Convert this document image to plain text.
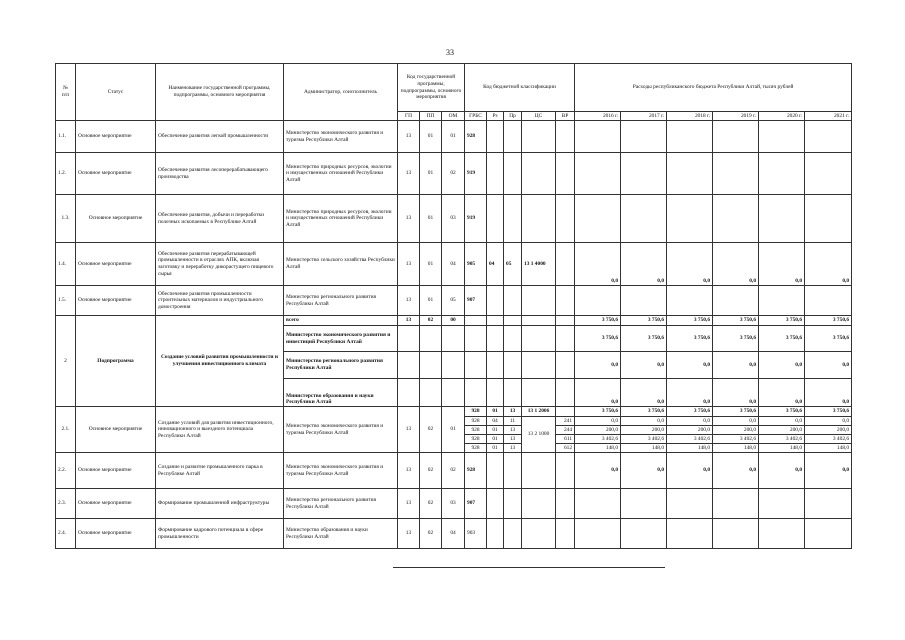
33
№
п/п	Статус	Наименование государственной программы, подпрограммы, основного мероприятия	Администратор, соисполнитель	Код государственной программы, подпрограммы, основного мероприятия			Код бюджетной классификации					Расходы республиканского бюджета Республики Алтай, тысяч рублей					
				ГП	ПП	ОМ	ГРБС	Рз	Пр	ЦС	ВР	2016 г.	2017 г.	2018 г.	2019 г.	2020 г.	2021 г.
1.1.	Основное мероприятие	Обеспечение развития легкой промышленности	Министерство экономического развития и туризма Республики Алтай	13	01	01	928										
1.2.	Основное мероприятие	Обеспечение развития лесоперерабатывающего производства	Министерство природных ресурсов, экологии и имущественных отношений Республики Алтай	13	01	02	919										
1.3.	Основное мероприятие	Обеспечение развития, добычи и переработки полезных ископаемых в Республике Алтай	Министерство природных ресурсов, экологии и имущественных отношений Республики Алтай	13	01	03	919										
1.4.	Основное мероприятие	Обеспечение развития перерабатывающей промышленности в отраслях АПК, включая заготовку и переработку дикорастущего пищевого сырья	Министерство сельского хозяйства Республики Алтай	13	01	04	905	04	05	13 1 4000		0,0	0,0	0,0	0,0	0,0	0,0
1.5.	Основное мероприятие	Обеспечение развития промышленности строительных материалов и индустриального домостроения	Министерство регионального развития Республики Алтай	13	01	05	907										
2	Подпрограмма	Создание условий развития промышленности и улучшения инвестиционного климата	всего	13	02	00						3 750,6	3 750,6	3 750,6	3 750,6	3 750,6	3 750,6
			Министерство экономического развития и инвестиций Республики Алтай									3 750,6	3 750,6	3 750,6	3 750,6	3 750,6	3 750,6
			Министерство регионального развития Республики Алтай									0,0	0,0	0,0	0,0	0,0	0,0
			Министерство образования и науки Республики Алтай									0,0	0,0	0,0	0,0	0,0	0,0
2.1.	Основное мероприятие	Создание условий для развития инвестиционного, инновационного и выездного потенциала Республики Алтай	Министерство экономического развития и туризма Республики Алтай	13	02	01	928	01	13	13 1 2006		3 750,6	3 750,6	3 750,6	3 750,6	3 750,6	3 750,6
							928	04	11	13 2 1000	241	0,0	0,0	0,0	0,0	0,0	0,0
							928	01	13		244	200,0	200,0	200,0	200,0	200,0	200,0
							928	01	13		611	3 402,6	3 402,6	3 402,6	3 402,6	3 402,6	3 402,6
							928	01	13		612	148,0	148,0	148,0	148,0	148,0	148,0
2.2.	Основное мероприятие	Создание и развитие промышленного парка в Республике Алтай	Министерство экономического развития и туризма Республики Алтай	13	02	02	928					0,0	0,0	0,0	0,0	0,0	0,0
2.3.	Основное мероприятие	Формирование промышленной инфраструктуры	Министерство регионального развития Республики Алтай	13	02	03	907										
2.4.	Основное мероприятие	Формирование кадрового потенциала в сфере промышленности	Министерство образования и науки Республики Алтай	13	02	04	903										
